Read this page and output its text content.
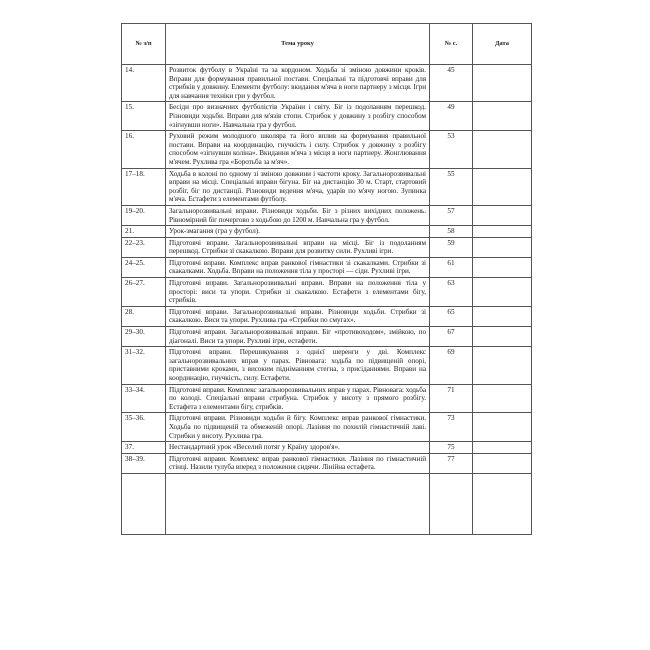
№ з/п	Тема уроку	№ с.	Дата
14.	Розвиток футболу в Україні та за кордоном. Ходьба зі зміною довжини кроків. Вправи для формування правильної постави. Спеціальні та підготовчі вправи для стрибків у довжину. Елементи футболу: вкидання м'яча в ноги партнеру з місця. Ігри для навчання техніки гри у футбол.	45	
15.	Бесіди про визначних футболістів України і світу. Біг із подоланням перешкод. Різновиди ходьби. Вправи для м'язів стопи. Стрибок у довжину з розбігу способом «зігнувши ноги». Навчальна гра у футбол.	49	
16.	Руховий режим молодшого школяра та його вплив на формування правильної постави. Вправи на координацію, гнучкість і силу. Стрибок у довжину з розбігу способом «зігнувши коліна». Вкидання м'яча з місця в ноги партнеру. Жонглювання м'ячем. Рухлива гра «Боротьба за м'яч».	53	
17–18.	Ходьба в колоні по одному зі зміною довжини і частоти кроку. Загальнорозвивальні вправи на місці. Спеціальні вправи бігуна. Біг на дистанцію 30 м. Старт, стартовий розбіг, біг по дистанції. Різновиди ведення м'яча, ударів по м'ячу ногою. Зупинка м'яча. Естафети з елементами футболу.	55	
19–20.	Загальнорозвивальні вправи. Різновиди ходьби. Біг з різних вихідних положень. Рівномірний біг почергово з ходьбою до 1200 м. Навчальна гра у футбол.	57	
21.	Урок-змагання (гра у футбол).	58	
22–23.	Підготовчі вправи. Загальнорозвивальні вправи на місці. Біг із подоланням перешкод. Стрибки зі скакалкою. Вправи для розвитку сили. Рухливі ігри.	59	
24–25.	Підготовчі вправи. Комплекс вправ ранкової гімнастики зі скакалками. Стрибки зі скакалками. Ходьба. Вправи на положення тіла у просторі — сіди. Рухливі ігри.	61	
26–27.	Підготовчі вправи. Загальнорозвивальні вправи. Вправи на положення тіла у просторі: виси та упори. Стрибки зі скакалкою. Естафети з елементами бігу, стрибків.	63	
28.	Підготовчі вправи. Загальнорозвивальні вправи. Різновиди ходьби. Стрибки зі скакалкою. Виси та упори. Рухлива гра «Стрибки по смугах».	65	
29–30.	Підготовчі вправи. Загальнорозвивальні вправи. Біг «противоходом», змійкою, по діагоналі. Виси та упори. Рухливі ігри, естафети.	67	
31–32.	Підготовчі вправи. Перешикування з однієї шеренги у дві. Комплекс загальнорозвивальних вправ у парах. Рівновага: ходьба по підвищеній опорі, приставними кроками, з високим підніманням стегна, з присіданнями. Вправи на координацію, гнучкість, силу. Естафети.	69	
33–34.	Підготовчі вправи. Комплекс загальнорозвивальних вправ у парах. Рівновага: ходьба по колоді. Спеціальні вправи стрибуна. Стрибок у висоту з прямого розбігу. Естафета з елементами бігу, стрибків.	71	
35–36.	Підготовчі вправи. Різновиди ходьби й бігу. Комплекс вправ ранкової гімнастики. Ходьба по підвищеній та обмеженій опорі. Лазіння по похилій гімнастичній лаві. Стрибки у висоту. Рухлива гра.	73	
37.	Нестандартний урок «Веселий потяг у Країну здоров'я».	75	
38–39.	Підготовчі вправи. Комплекс вправ ранкової гімнастики. Лазіння по гімнастичній стінці. Назили тулуба вперед з положення сидячи. Лінійна естафета.	77	
